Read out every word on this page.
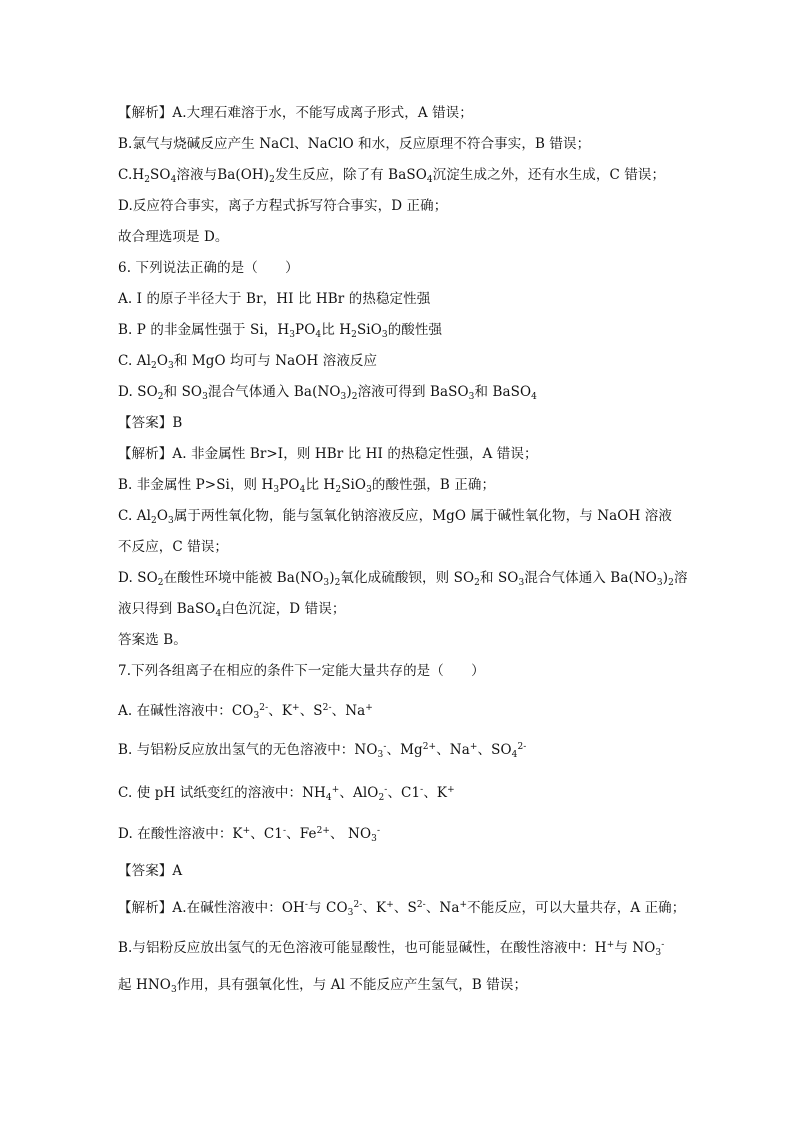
【解析】A.大理石难溶于水，不能写成离子形式，A 错误；
B.氯气与烧碱反应产生 NaCl、NaClO 和水，反应原理不符合事实，B 错误；
$C.H_2SO_4$溶液与$Ba(OH)_2$发生反应，除了有 BaSO$_4$沉淀生成之外，还有水生成，C 错误；
D.反应符合事实，离子方程式拆写符合事实，D 正确；
故合理选项是 D。
6. 下列说法正确的是（　　）
A. I 的原子半径大于 Br，HI 比 HBr 的热稳定性强
B. P 的非金属性强于 Si，$H_3PO_4$比 $H_2SiO_3$的酸性强
C. $Al_2O_3$和 MgO 均可与 NaOH 溶液反应
D. $SO_2$和 $SO_3$混合气体通入 $Ba(NO_3)_2$溶液可得到 BaSO$_3$和 BaSO$_4$
【答案】B
【解析】A. 非金属性 Br>I，则 HBr 比 HI 的热稳定性强，A 错误；
B. 非金属性 P>Si，则 $H_3PO_4$比 $H_2SiO_3$的酸性强，B 正确；
C. $Al_2O_3$属于两性氧化物，能与氢氧化钠溶液反应，MgO 属于碱性氧化物，与 NaOH 溶液
不反应，C 错误；
D. $SO_2$在酸性环境中能被 $Ba(NO_3)_2$氧化成硫酸钡，则 $SO_2$和 $SO_3$混合气体通入 $Ba(NO_3)_2$溶
液只得到 BaSO$_4$白色沉淀，D 错误；
答案选 B。
7.下列各组离子在相应的条件下一定能大量共存的是（　　）
A. 在碱性溶液中：$CO_3^{2-}$、K+、$S^{2-}$、Na+
B. 与铝粉反应放出氢气的无色溶液中：$NO_3^-$、$Mg^{2+}$、Na+、$SO_4^{2-}$
C. 使 pH 试纸变红的溶液中：$NH_4^+$、AlO$_2$-、C1-、K+
D. 在酸性溶液中：K+、C1-、$Fe^{2+}$、 $NO_3^-$
【答案】A
【解析】A.在碱性溶液中：OH-与 $CO_3^{2-}$、K+、$S^{2-}$、Na+不能反应，可以大量共存，A 正确；
B.与铝粉反应放出氢气的无色溶液可能显酸性，也可能显碱性，在酸性溶液中：H+与 $NO_3^-$
起 $HNO_3$作用，具有强氧化性，与 Al 不能反应产生氢气，B 错误；
